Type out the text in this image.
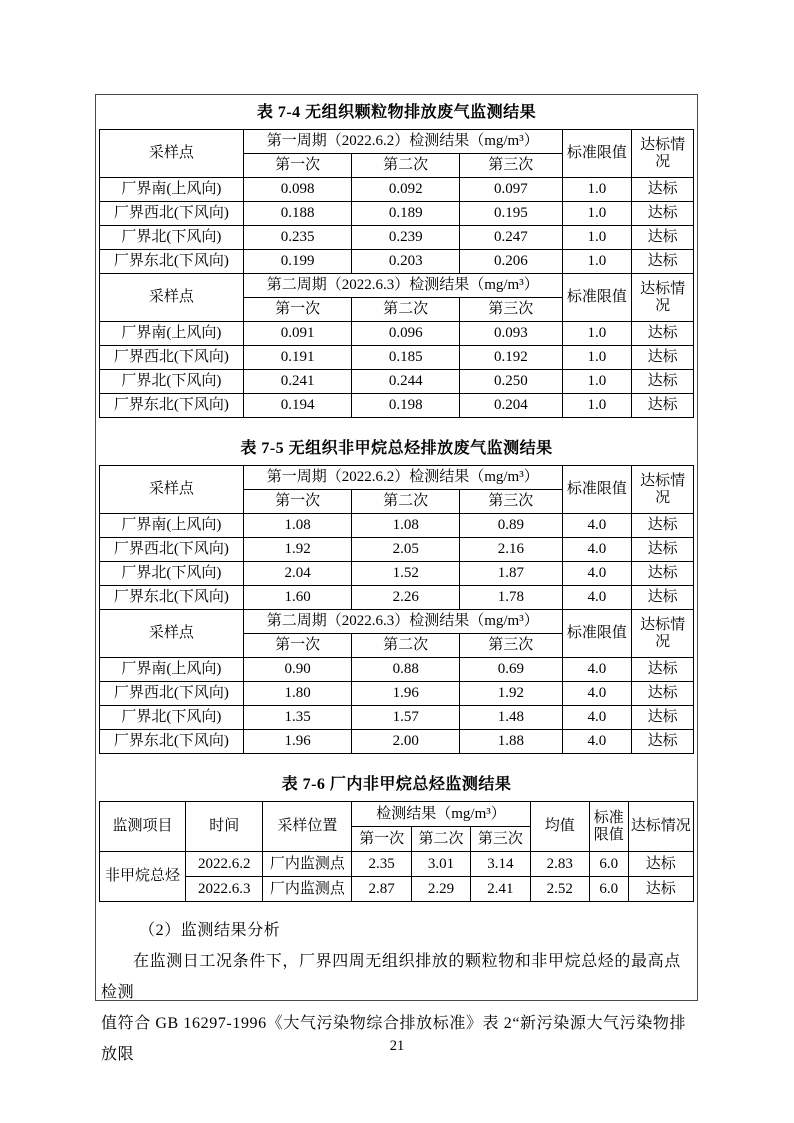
表 7-4 无组织颗粒物排放废气监测结果
采样点	第一周期（2022.6.2）检测结果（mg/m³）			标准限值	达标情况
	第一次	第二次	第三次		
厂界南(上风向)	0.098	0.092	0.097	1.0	达标
厂界西北(下风向)	0.188	0.189	0.195	1.0	达标
厂界北(下风向)	0.235	0.239	0.247	1.0	达标
厂界东北(下风向)	0.199	0.203	0.206	1.0	达标
采样点	第二周期（2022.6.3）检测结果（mg/m³）			标准限值	达标情况
	第一次	第二次	第三次		
厂界南(上风向)	0.091	0.096	0.093	1.0	达标
厂界西北(下风向)	0.191	0.185	0.192	1.0	达标
厂界北(下风向)	0.241	0.244	0.250	1.0	达标
厂界东北(下风向)	0.194	0.198	0.204	1.0	达标
表 7-5 无组织非甲烷总烃排放废气监测结果
采样点	第一周期（2022.6.2）检测结果（mg/m³）			标准限值	达标情况
	第一次	第二次	第三次		
厂界南(上风向)	1.08	1.08	0.89	4.0	达标
厂界西北(下风向)	1.92	2.05	2.16	4.0	达标
厂界北(下风向)	2.04	1.52	1.87	4.0	达标
厂界东北(下风向)	1.60	2.26	1.78	4.0	达标
采样点	第二周期（2022.6.3）检测结果（mg/m³）			标准限值	达标情况
	第一次	第二次	第三次		
厂界南(上风向)	0.90	0.88	0.69	4.0	达标
厂界西北(下风向)	1.80	1.96	1.92	4.0	达标
厂界北(下风向)	1.35	1.57	1.48	4.0	达标
厂界东北(下风向)	1.96	2.00	1.88	4.0	达标
表 7-6 厂内非甲烷总烃监测结果
监测项目	时间	采样位置	检测结果（mg/m³）			均值	标准限值	达标情况
			第一次	第二次	第三次			
非甲烷总烃	2022.6.2	厂内监测点	2.35	3.01	3.14	2.83	6.0	达标
	2022.6.3	厂内监测点	2.87	2.29	2.41	2.52	6.0	达标
（2）监测结果分析
在监测日工况条件下，厂界四周无组织排放的颗粒物和非甲烷总烃的最高点检测
值符合 GB 16297-1996《大气污染物综合排放标准》表 2“新污染源大气污染物排放限	21
